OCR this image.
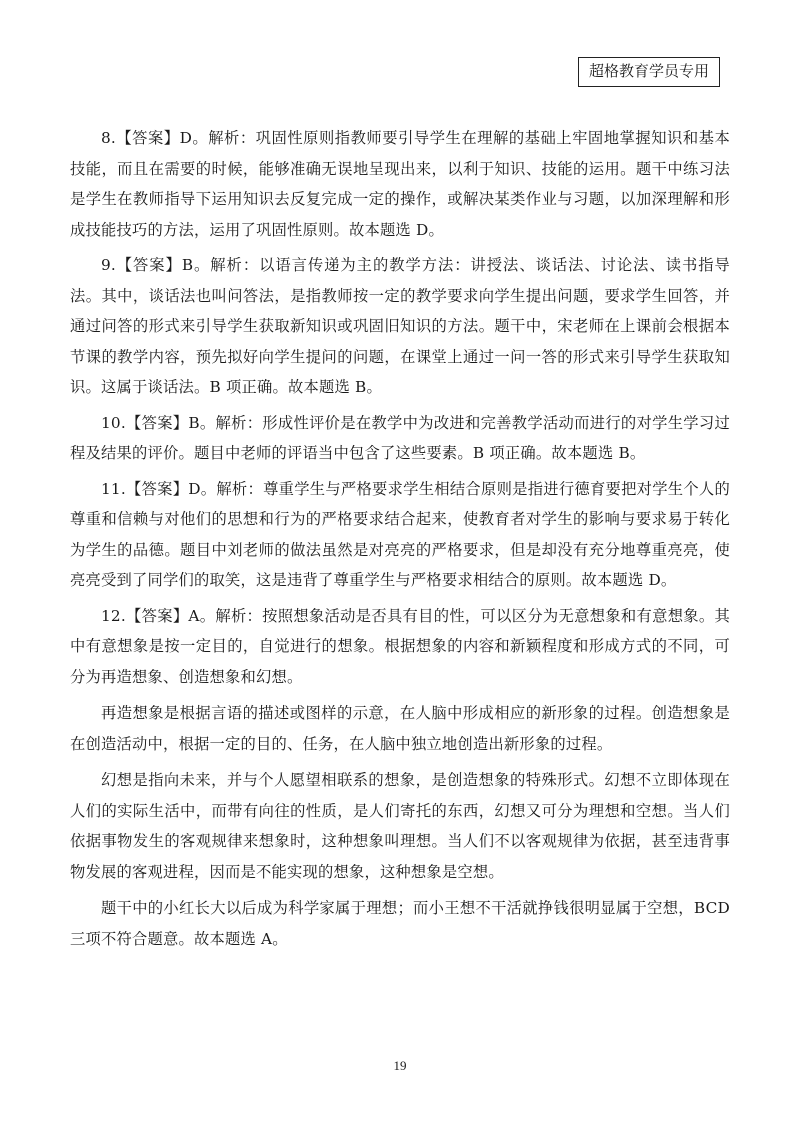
超格教育学员专用

8.【答案】D。解析：巩固性原则指教师要引导学生在理解的基础上牢固地掌握知识和基本技能，而且在需要的时候，能够准确无误地呈现出来，以利于知识、技能的运用。题干中练习法是学生在教师指导下运用知识去反复完成一定的操作，或解决某类作业与习题，以加深理解和形成技能技巧的方法，运用了巩固性原则。故本题选 D。

9.【答案】B。解析：以语言传递为主的教学方法：讲授法、谈话法、讨论法、读书指导法。其中，谈话法也叫问答法，是指教师按一定的教学要求向学生提出问题，要求学生回答，并通过问答的形式来引导学生获取新知识或巩固旧知识的方法。题干中，宋老师在上课前会根据本节课的教学内容，预先拟好向学生提问的问题，在课堂上通过一问一答的形式来引导学生获取知识。这属于谈话法。B 项正确。故本题选 B。

10.【答案】B。解析：形成性评价是在教学中为改进和完善教学活动而进行的对学生学习过程及结果的评价。题目中老师的评语当中包含了这些要素。B 项正确。故本题选 B。

11.【答案】D。解析：尊重学生与严格要求学生相结合原则是指进行德育要把对学生个人的尊重和信赖与对他们的思想和行为的严格要求结合起来，使教育者对学生的影响与要求易于转化为学生的品德。题目中刘老师的做法虽然是对亮亮的严格要求，但是却没有充分地尊重亮亮，使亮亮受到了同学们的取笑，这是违背了尊重学生与严格要求相结合的原则。故本题选 D。

12.【答案】A。解析：按照想象活动是否具有目的性，可以区分为无意想象和有意想象。其中有意想象是按一定目的，自觉进行的想象。根据想象的内容和新颖程度和形成方式的不同，可分为再造想象、创造想象和幻想。

再造想象是根据言语的描述或图样的示意，在人脑中形成相应的新形象的过程。创造想象是在创造活动中，根据一定的目的、任务，在人脑中独立地创造出新形象的过程。

幻想是指向未来，并与个人愿望相联系的想象，是创造想象的特殊形式。幻想不立即体现在人们的实际生活中，而带有向往的性质，是人们寄托的东西，幻想又可分为理想和空想。当人们依据事物发生的客观规律来想象时，这种想象叫理想。当人们不以客观规律为依据，甚至违背事物发展的客观进程，因而是不能实现的想象，这种想象是空想。

题干中的小红长大以后成为科学家属于理想；而小王想不干活就挣钱很明显属于空想，BCD 三项不符合题意。故本题选 A。

19
